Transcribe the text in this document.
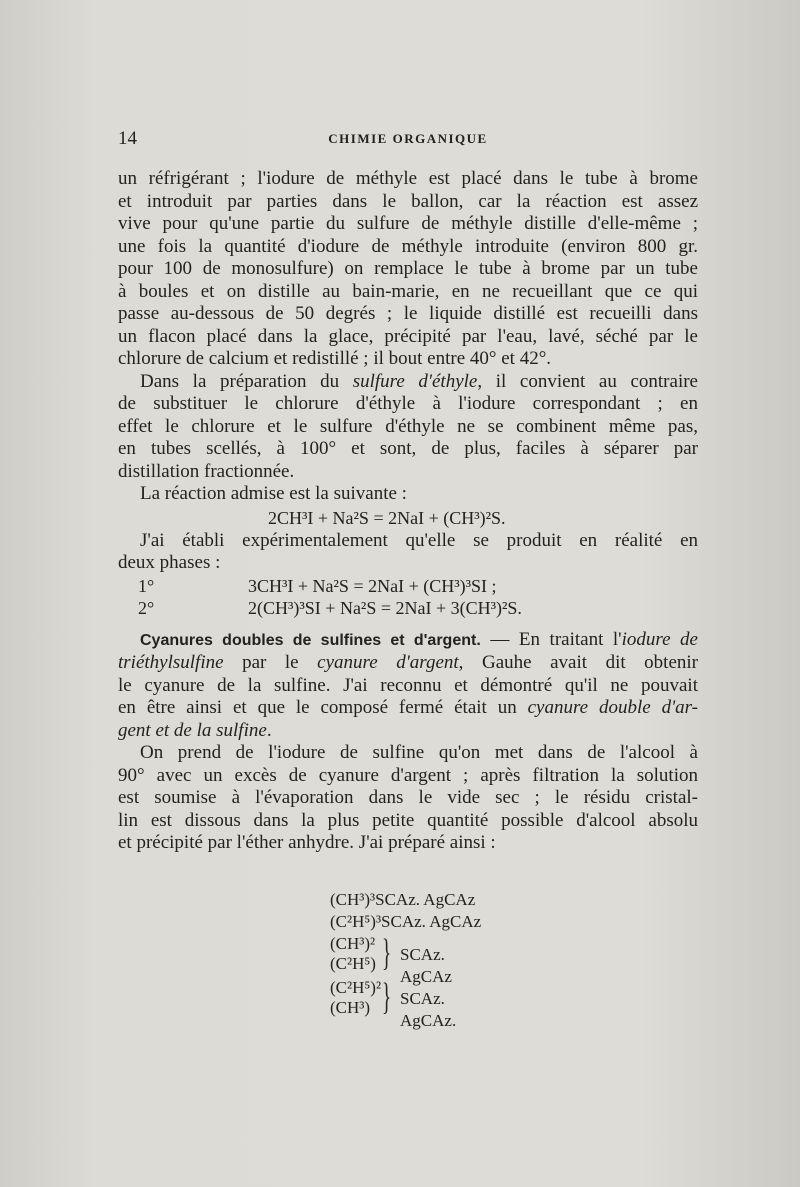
14	CHIMIE ORGANIQUE
un réfrigérant ; l'iodure de méthyle est placé dans le tube à brome
et introduit par parties dans le ballon, car la réaction est assez
vive pour qu'une partie du sulfure de méthyle distille d'elle-même ;
une fois la quantité d'iodure de méthyle introduite (environ 800 gr.
pour 100 de monosulfure) on remplace le tube à brome par un tube
à boules et on distille au bain-marie, en ne recueillant que ce qui
passe au-dessous de 50 degrés ; le liquide distillé est recueilli dans
un flacon placé dans la glace, précipité par l'eau, lavé, séché par le
chlorure de calcium et redistillé ; il bout entre 40° et 42°.
Dans la préparation du sulfure d'éthyle, il convient au contraire
de substituer le chlorure d'éthyle à l'iodure correspondant ; en
effet le chlorure et le sulfure d'éthyle ne se combinent même pas,
en tubes scellés, à 100° et sont, de plus, faciles à séparer par
distillation fractionnée.
La réaction admise est la suivante :
2CH³I + Na²S = 2NaI + (CH³)²S.
J'ai établi expérimentalement qu'elle se produit en réalité en
deux phases :
1°	3CH³I + Na²S = 2NaI + (CH³)³SI ;
2°	2(CH³)³SI + Na²S = 2NaI + 3(CH³)²S.
Cyanures doubles de sulfines et d'argent. — En traitant l'iodure de
triéthylsulfine par le cyanure d'argent, Gauhe avait dit obtenir
le cyanure de la sulfine. J'ai reconnu et démontré qu'il ne pouvait
en être ainsi et que le composé fermé était un cyanure double d'ar-
gent et de la sulfine.
On prend de l'iodure de sulfine qu'on met dans de l'alcool à
90° avec un excès de cyanure d'argent ; après filtration la solution
est soumise à l'évaporation dans le vide sec ; le résidu cristal-
lin est dissous dans la plus petite quantité possible d'alcool absolu
et précipité par l'éther anhydre. J'ai préparé ainsi :
(CH³)³SCAz. AgCAz
(C²H⁵)³SCAz. AgCAz
(CH³)²
(C²H⁵) } SCAz. AgCAz
(C²H⁵)²
(CH³) } SCAz. AgCAz.
